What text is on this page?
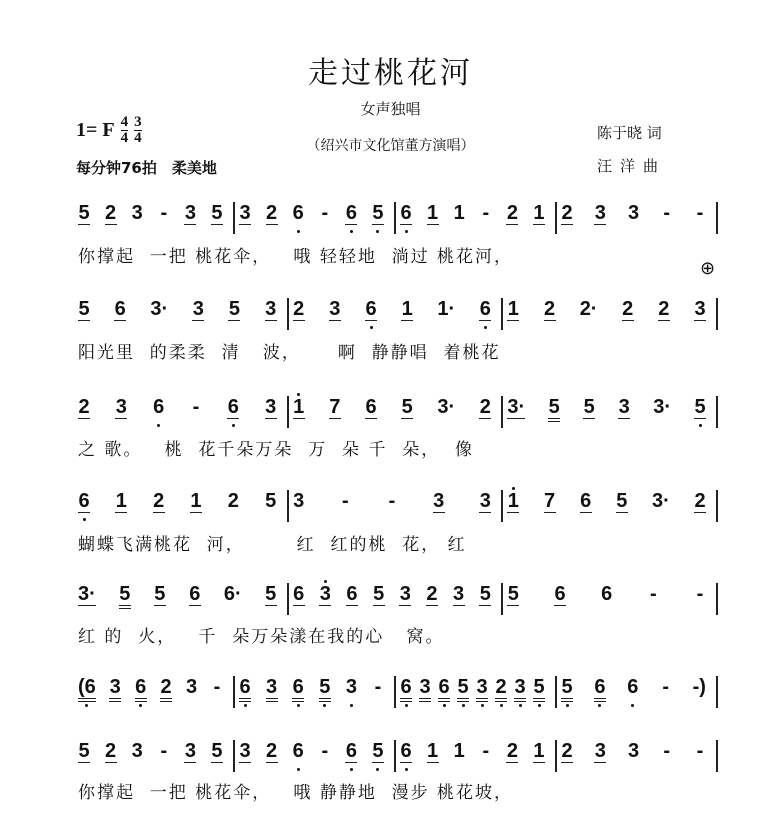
走过桃花河
女声独唱
（绍兴市文化馆董方演唱）
1= F $\frac{4}{4} \frac{3}{4}$
每分钟76拍　柔美地
陈于晓 词
汪洋曲
⊕
5 2 3 - 3 5 3 2 6 - 6 5 6 1 1 - 2 1 2 3 3 - -
你撑起  一把 桃花伞，   哦 轻轻地  淌过 桃花河，
5 6 3· 3 5 3 2 3 6 1 1· 6 1 2 2· 2 2 3
阳光里  的柔柔  清   波，     啊  静静唱  着桃花
2 3 6 - 6 3 1 7 6 5 3· 2 3· 5 5 3 3· 5
之 歌。   桃  花千朵万朵  万  朵 千  朵，  像
6 1 2 1 2 5 3 - - 3 3 1 7 6 5 3· 2
蝴蝶飞满桃花  河，       红  红的桃  花， 红
3· 5 5 6 6· 5 6 3 6 5 3 2 3 5 5 6 6 - -
红 的  火，   千  朵万朵漾在我的心   窝。
(6 3 6 2 3 - 6 3 6 5 3 - 6 3 6 5 3 2 3 5 5 6 6 - -)
5 2 3 - 3 5 3 2 6 - 6 5 6 1 1 - 2 1 2 3 3 - -
你撑起  一把 桃花伞，   哦 静静地  漫步 桃花坡，
